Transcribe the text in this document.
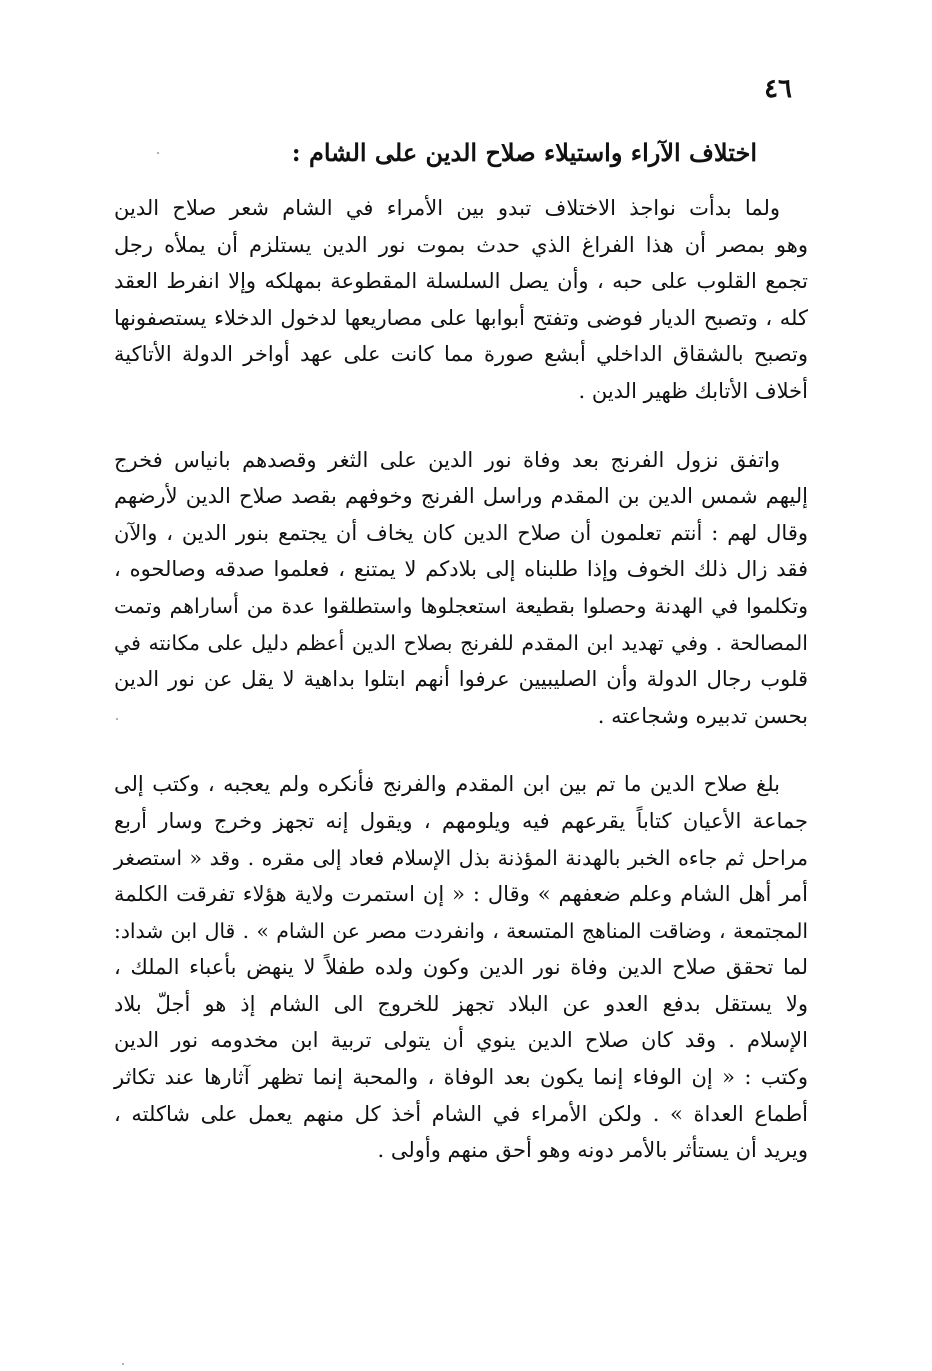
٤٦
اختلاف الآراء واستيلاء صلاح الدين على الشام :

ولما بدأت نواجذ الاختلاف تبدو بين الأمراء في الشام شعر صلاح الدين
وهو بمصر أن هذا الفراغ الذي حدث بموت نور الدين يستلزم أن يملأه رجل
تجمع القلوب على حبه ، وأن يصل السلسلة المقطوعة بمهلكه وإلا انفرط العقد
كله ، وتصبح الديار فوضى وتفتح أبوابها على مصاريعها لدخول الدخلاء يستصفونها
وتصبح بالشقاق الداخلي أبشع صورة مما كانت على عهد أواخر الدولة الأتاكية
أخلاف الأتابك ظهير الدين .

واتفق نزول الفرنج بعد وفاة نور الدين على الثغر وقصدهم بانياس فخرج
إليهم شمس الدين بن المقدم وراسل الفرنج وخوفهم بقصد صلاح الدين لأرضهم
وقال لهم : أنتم تعلمون أن صلاح الدين كان يخاف أن يجتمع بنور الدين ، والآن
فقد زال ذلك الخوف وإذا طلبناه إلى بلادكم لا يمتنع ، فعلموا صدقه وصالحوه ،
وتكلموا في الهدنة وحصلوا بقطيعة استعجلوها واستطلقوا عدة من أساراهم وتمت
المصالحة . وفي تهديد ابن المقدم للفرنج بصلاح الدين أعظم دليل على مكانته في
قلوب رجال الدولة وأن الصليبيين عرفوا أنهم ابتلوا بداهية لا يقل عن نور الدين
بحسن تدبيره وشجاعته .

بلغ صلاح الدين ما تم بين ابن المقدم والفرنج فأنكره ولم يعجبه ، وكتب إلى
جماعة الأعيان كتاباً يقرعهم فيه ويلومهم ، ويقول إنه تجهز وخرج وسار أربع
مراحل ثم جاءه الخبر بالهدنة المؤذنة بذل الإسلام فعاد إلى مقره . وقد « استصغر
أمر أهل الشام وعلم ضعفهم » وقال : « إن استمرت ولاية هؤلاء تفرقت الكلمة
المجتمعة ، وضاقت المناهج المتسعة ، وانفردت مصر عن الشام » . قال ابن شداد:
لما تحقق صلاح الدين وفاة نور الدين وكون ولده طفلاً لا ينهض بأعباء الملك ،
ولا يستقل بدفع العدو عن البلاد تجهز للخروج الى الشام إذ هو أجلّ بلاد
الإسلام . وقد كان صلاح الدين ينوي أن يتولى تربية ابن مخدومه نور الدين
وكتب : « إن الوفاء إنما يكون بعد الوفاة ، والمحبة إنما تظهر آثارها عند تكاثر
أطماع العداة » . ولكن الأمراء في الشام أخذ كل منهم يعمل على شاكلته ،
ويريد أن يستأثر بالأمر دونه وهو أحق منهم وأولى .
